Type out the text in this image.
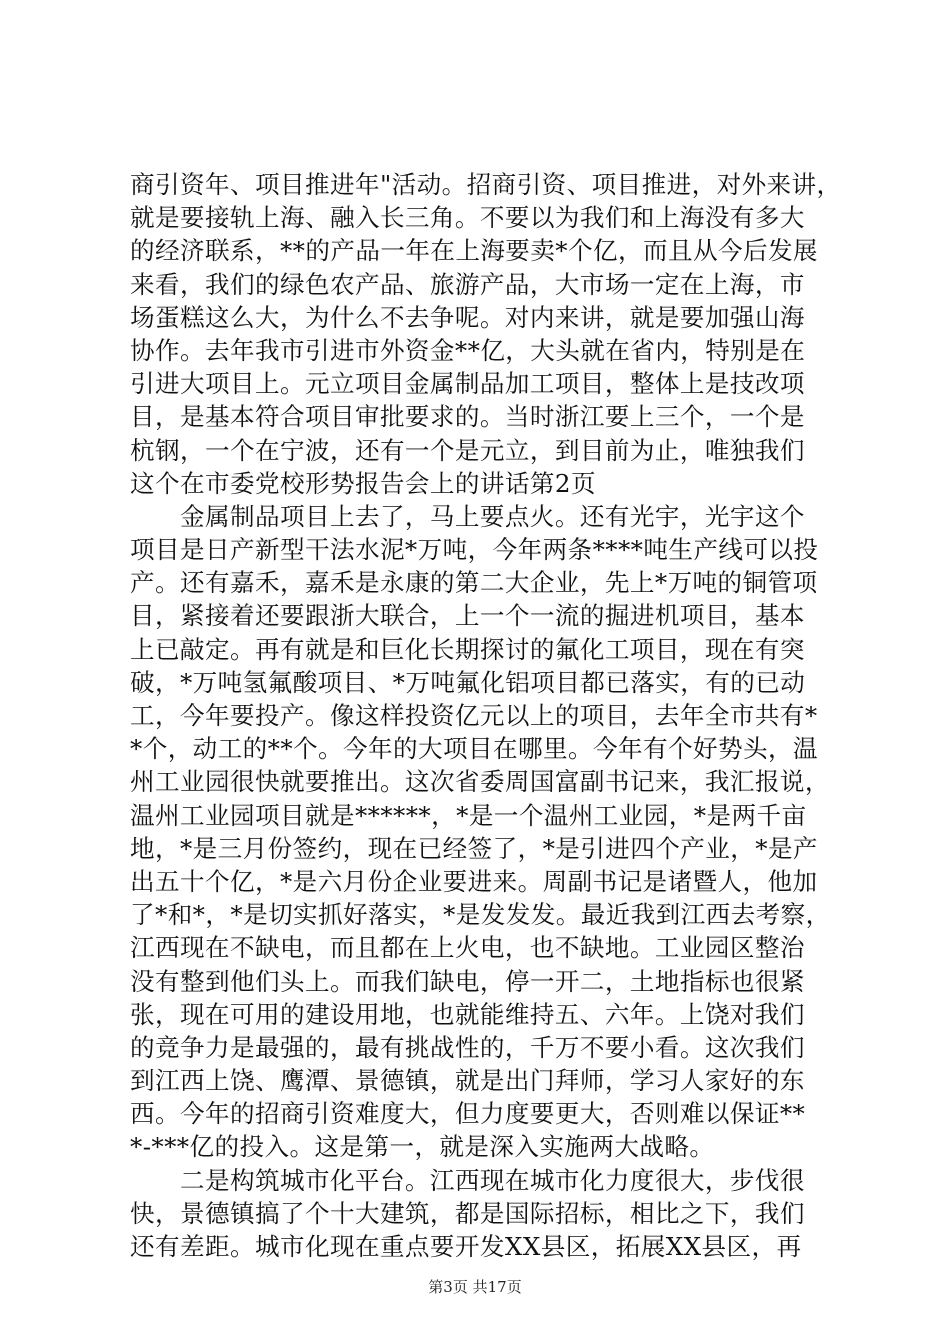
商引资年、项目推进年"活动。招商引资、项目推进，对外来讲，
就是要接轨上海、融入长三角。不要以为我们和上海没有多大
的经济联系，**的产品一年在上海要卖*个亿，而且从今后发展
来看，我们的绿色农产品、旅游产品，大市场一定在上海，市
场蛋糕这么大，为什么不去争呢。对内来讲，就是要加强山海
协作。去年我市引进市外资金**亿，大头就在省内，特别是在
引进大项目上。元立项目金属制品加工项目，整体上是技改项
目，是基本符合项目审批要求的。当时浙江要上三个，一个是
杭钢，一个在宁波，还有一个是元立，到目前为止，唯独我们
这个在市委党校形势报告会上的讲话第2页
　　金属制品项目上去了，马上要点火。还有光宇，光宇这个
项目是日产新型干法水泥*万吨，今年两条****吨生产线可以投
产。还有嘉禾，嘉禾是永康的第二大企业，先上*万吨的铜管项
目，紧接着还要跟浙大联合，上一个一流的掘进机项目，基本
上已敲定。再有就是和巨化长期探讨的氟化工项目，现在有突
破，*万吨氢氟酸项目、*万吨氟化铝项目都已落实，有的已动
工，今年要投产。像这样投资亿元以上的项目，去年全市共有*
*个，动工的**个。今年的大项目在哪里。今年有个好势头，温
州工业园很快就要推出。这次省委周国富副书记来，我汇报说，
温州工业园项目就是******，*是一个温州工业园，*是两千亩
地，*是三月份签约，现在已经签了，*是引进四个产业，*是产
出五十个亿，*是六月份企业要进来。周副书记是诸暨人，他加
了*和*，*是切实抓好落实，*是发发发。最近我到江西去考察，
江西现在不缺电，而且都在上火电，也不缺地。工业园区整治
没有整到他们头上。而我们缺电，停一开二，土地指标也很紧
张，现在可用的建设用地，也就能维持五、六年。上饶对我们
的竞争力是最强的，最有挑战性的，千万不要小看。这次我们
到江西上饶、鹰潭、景德镇，就是出门拜师，学习人家好的东
西。今年的招商引资难度大，但力度要更大，否则难以保证**
*-***亿的投入。这是第一，就是深入实施两大战略。
　　二是构筑城市化平台。江西现在城市化力度很大，步伐很
快，景德镇搞了个十大建筑，都是国际招标，相比之下，我们
还有差距。城市化现在重点要开发XX县区，拓展XX县区，再
第3页 共17页
